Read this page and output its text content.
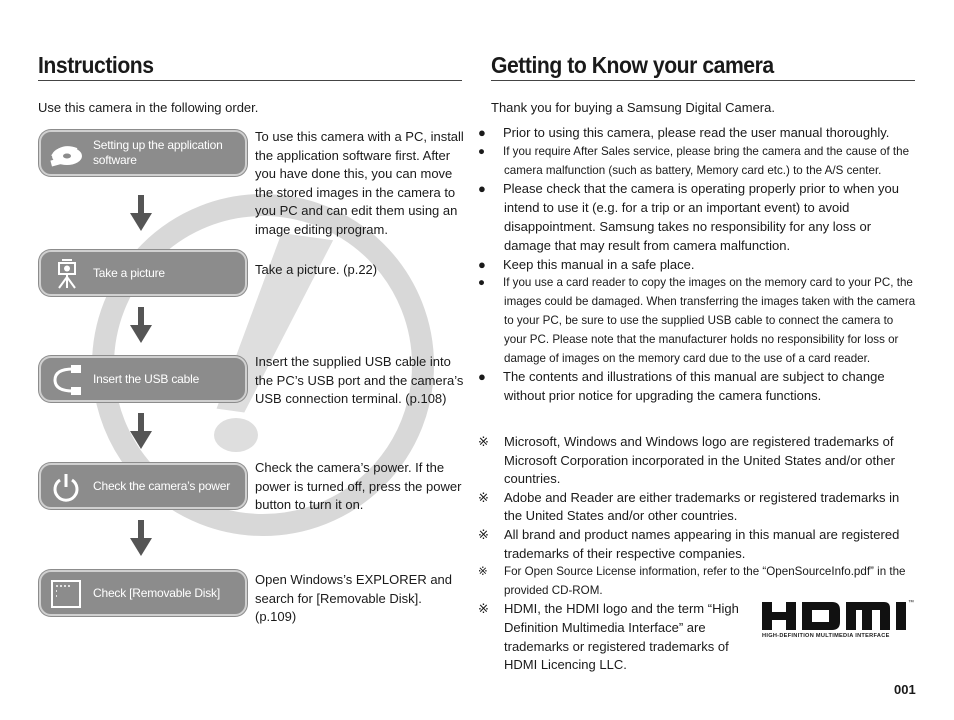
Instructions
Use this camera in the following order.
Setting up the application software
To use this camera with a PC, install the application software first. After you have done this, you can move the stored images in the camera to you PC and can edit them using an image editing program.
Take a picture	Take a picture. (p.22)
Insert the USB cable
Insert the supplied USB cable into the PC’s USB port and the camera’s USB connection terminal. (p.108)
Check the camera’s power
Check the camera’s power. If the power is turned off, press the power button to turn it on.
Check [Removable Disk]
Open Windows’s EXPLORER and search for [Removable Disk]. (p.109)
Getting to Know your camera
Thank you for buying a Samsung Digital Camera.
● Prior to using this camera, please read the user manual thoroughly.
● If you require After Sales service, please bring the camera and the cause of the camera malfunction (such as battery, Memory card etc.) to the A/S center.
● Please check that the camera is operating properly prior to when you intend to use it (e.g. for a trip or an important event) to avoid disappointment. Samsung takes no responsibility for any loss or damage that may result from camera malfunction.
● Keep this manual in a safe place.
● If you use a card reader to copy the images on the memory card to your PC, the images could be damaged. When transferring the images taken with the camera to your PC, be sure to use the supplied USB cable to connect the camera to your PC. Please note that the manufacturer holds no responsibility for loss or damage of images on the memory card due to the use of a card reader.
● The contents and illustrations of this manual are subject to change without prior notice for upgrading the camera functions.
※ Microsoft, Windows and Windows logo are registered trademarks of Microsoft Corporation incorporated in the United States and/or other countries.
※ Adobe and Reader are either trademarks or registered trademarks in the United States and/or other countries.
※ All brand and product names appearing in this manual are registered trademarks of their respective companies.
※ For Open Source License information, refer to the “OpenSourceInfo.pdf” in the provided CD-ROM.
※ HDMI, the HDMI logo and the term “High Definition Multimedia Interface” are trademarks or registered trademarks of HDMI Licencing LLC.
™
HIGH-DEFINITION MULTIMEDIA INTERFACE
001
